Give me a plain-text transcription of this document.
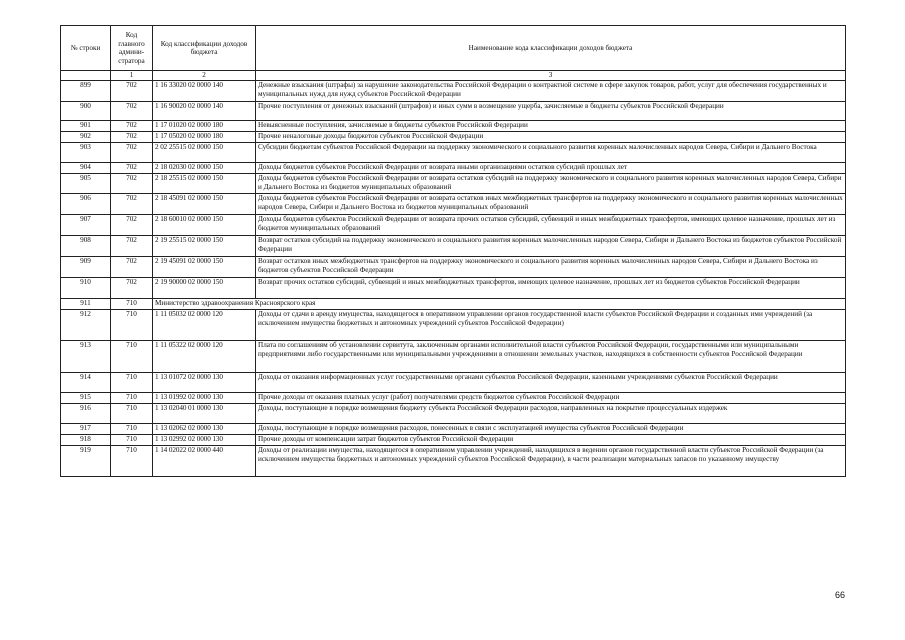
№ строки	Код главного админи-стратора	Код классификации доходов бюджета	Наименование кода классификации доходов бюджета
	1	2	3
899	702	1 16 33020 02 0000 140	Денежные взыскания (штрафы) за нарушение законодательства Российской Федерации о контрактной системе в сфере закупок товаров, работ, услуг для обеспечения государственных и муниципальных нужд для нужд субъектов Российской Федерации
900	702	1 16 90020 02 0000 140	Прочие поступления от денежных взысканий (штрафов) и иных сумм в возмещение ущерба, зачисляемые в бюджеты субъектов Российской Федерации
901	702	1 17 01020 02 0000 180	Невыясненные поступления, зачисляемые в бюджеты субъектов Российской Федерации
902	702	1 17 05020 02 0000 180	Прочие неналоговые доходы бюджетов субъектов Российской Федерации
903	702	2 02 25515 02 0000 150	Субсидии бюджетам субъектов Российской Федерации на поддержку экономического и социального развития коренных малочисленных народов Севера, Сибири и Дальнего Востока
904	702	2 18 02030 02 0000 150	Доходы бюджетов субъектов Российской Федерации от возврата иными организациями остатков субсидий прошлых лет
905	702	2 18 25515 02 0000 150	Доходы бюджетов субъектов Российской Федерации от возврата остатков субсидий на поддержку экономического и социального развития коренных малочисленных народов Севера, Сибири и Дальнего Востока из бюджетов муниципальных образований
906	702	2 18 45091 02 0000 150	Доходы бюджетов субъектов Российской Федерации от возврата остатков иных межбюджетных трансфертов на поддержку экономического и социального развития коренных малочисленных народов Севера, Сибири и Дальнего Востока из бюджетов муниципальных образований
907	702	2 18 60010 02 0000 150	Доходы бюджетов субъектов Российской Федерации от возврата прочих остатков субсидий, субвенций и иных межбюджетных трансфертов, имеющих целевое назначение, прошлых лет из бюджетов муниципальных образований
908	702	2 19 25515 02 0000 150	Возврат остатков субсидий на поддержку экономического и социального развития коренных малочисленных народов Севера, Сибири и Дальнего Востока из бюджетов субъектов Российской Федерации
909	702	2 19 45091 02 0000 150	Возврат остатков иных межбюджетных трансфертов на поддержку экономического и социального развития коренных малочисленных народов Севера, Сибири и Дальнего Востока из бюджетов субъектов Российской Федерации
910	702	2 19 90000 02 0000 150	Возврат прочих остатков субсидий, субвенций и иных межбюджетных трансфертов, имеющих целевое назначение, прошлых лет из бюджетов субъектов Российской Федерации
911	710	Министерство здравоохранения Красноярского края	
912	710	1 11 05032 02 0000 120	Доходы от сдачи в аренду имущества, находящегося в оперативном управлении органов государственной власти субъектов Российской Федерации и созданных ими учреждений (за исключением имущества бюджетных и автономных учреждений субъектов Российской Федерации)
913	710	1 11 05322 02 0000 120	Плата по соглашениям об установлении сервитута, заключенным органами исполнительной власти субъектов Российской Федерации, государственными или муниципальными предприятиями либо государственными или муниципальными учреждениями в отношении земельных участков, находящихся в собственности субъектов Российской Федерации
914	710	1 13 01072 02 0000 130	Доходы от оказания информационных услуг государственными органами субъектов Российской Федерации, казенными учреждениями субъектов Российской Федерации
915	710	1 13 01992 02 0000 130	Прочие доходы от оказания платных услуг (работ) получателями средств бюджетов субъектов Российской Федерации
916	710	1 13 02040 01 0000 130	Доходы, поступающие в порядке возмещения бюджету субъекта Российской Федерации расходов, направленных на покрытие процессуальных издержек
917	710	1 13 02062 02 0000 130	Доходы, поступающие в порядке возмещения расходов, понесенных в связи с эксплуатацией имущества субъектов Российской Федерации
918	710	1 13 02992 02 0000 130	Прочие доходы от компенсации затрат бюджетов субъектов Российской Федерации
919	710	1 14 02022 02 0000 440	Доходы от реализации имущества, находящегося в оперативном управлении учреждений, находящихся в ведении органов государственной власти субъектов Российской Федерации (за исключением имущества бюджетных и автономных учреждений субъектов Российской Федерации), в части реализации материальных запасов по указанному имуществу
66
